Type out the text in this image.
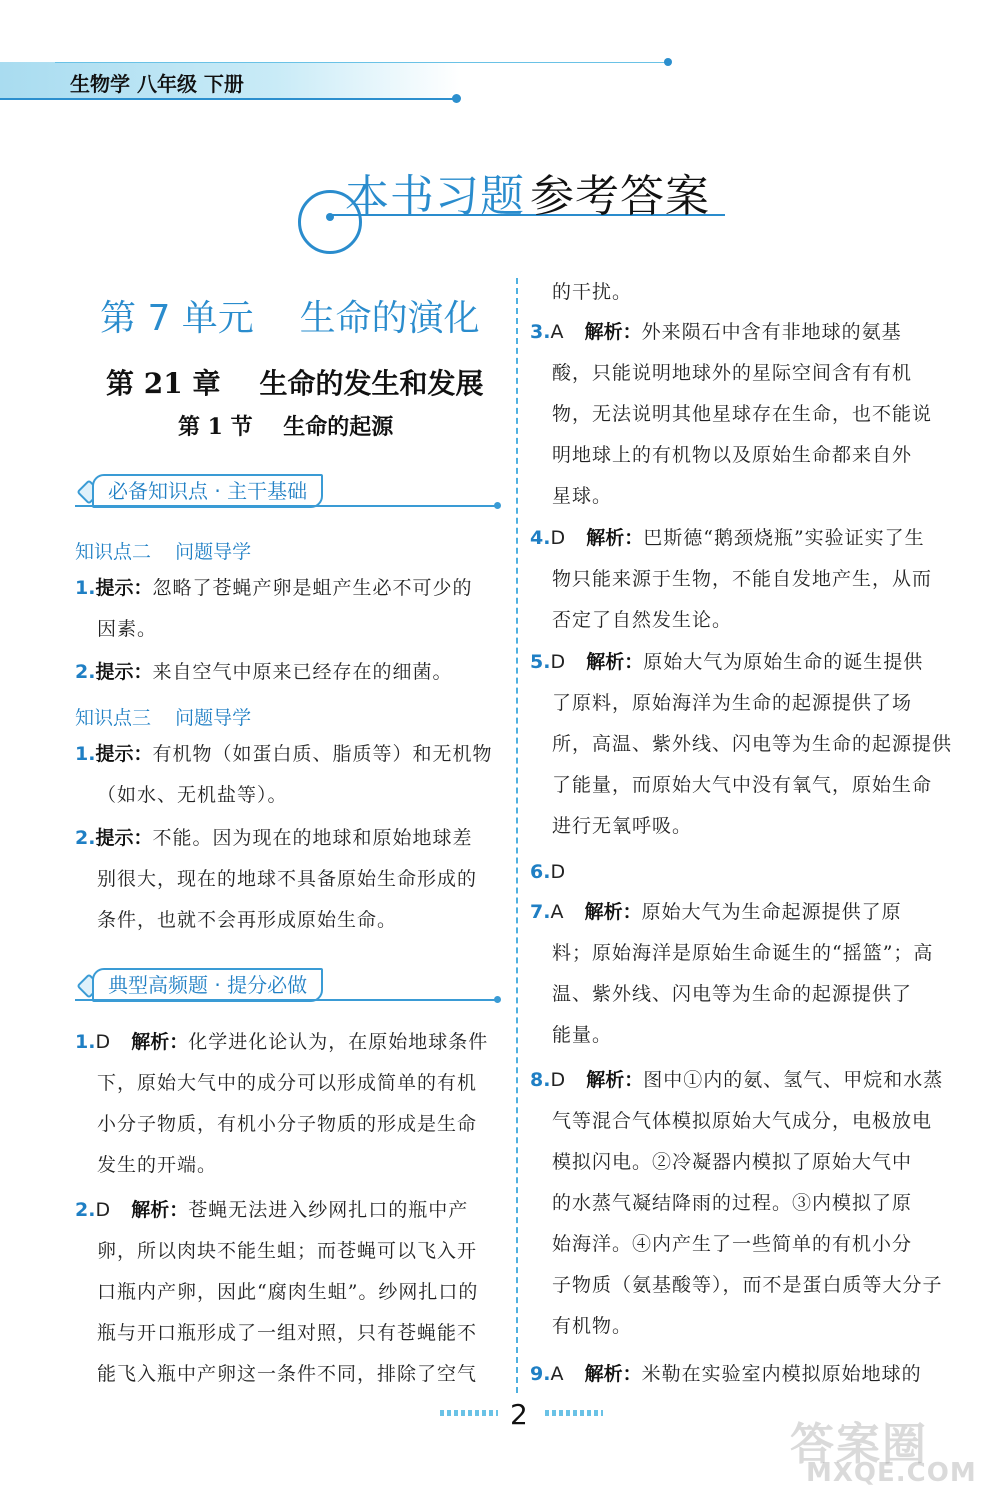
生物学 八年级 下册
本书习题 参考答案
第 7 单元    生命的演化
第 21 章    生命的发生和发展
第 1 节    生命的起源
必备知识点 · 主干基础
知识点二    问题导学
1.提示：忽略了苍蝇产卵是蛆产生必不可少的
因素。
2.提示：来自空气中原来已经存在的细菌。
知识点三    问题导学
1.提示：有机物（如蛋白质、脂质等）和无机物
（如水、无机盐等）。
2.提示：不能。因为现在的地球和原始地球差
别很大，现在的地球不具备原始生命形成的
条件，也就不会再形成原始生命。
典型高频题 · 提分必做
1.D 解析：化学进化论认为，在原始地球条件
下，原始大气中的成分可以形成简单的有机
小分子物质，有机小分子物质的形成是生命
发生的开端。
2.D 解析：苍蝇无法进入纱网扎口的瓶中产
卵，所以肉块不能生蛆；而苍蝇可以飞入开
口瓶内产卵，因此“腐肉生蛆”。纱网扎口的
瓶与开口瓶形成了一组对照，只有苍蝇能不
能飞入瓶中产卵这一条件不同，排除了空气
的干扰。
3.A 解析：外来陨石中含有非地球的氨基
酸，只能说明地球外的星际空间含有有机
物，无法说明其他星球存在生命，也不能说
明地球上的有机物以及原始生命都来自外
星球。
4.D 解析：巴斯德“鹅颈烧瓶”实验证实了生
物只能来源于生物，不能自发地产生，从而
否定了自然发生论。
5.D 解析：原始大气为原始生命的诞生提供
了原料，原始海洋为生命的起源提供了场
所，高温、紫外线、闪电等为生命的起源提供
了能量，而原始大气中没有氧气，原始生命
进行无氧呼吸。
6.D
7.A 解析：原始大气为生命起源提供了原
料；原始海洋是原始生命诞生的“摇篮”；高
温、紫外线、闪电等为生命的起源提供了
能量。
8.D 解析：图中①内的氨、氢气、甲烷和水蒸
气等混合气体模拟原始大气成分，电极放电
模拟闪电。②冷凝器内模拟了原始大气中
的水蒸气凝结降雨的过程。③内模拟了原
始海洋。④内产生了一些简单的有机小分
子物质（氨基酸等），而不是蛋白质等大分子
有机物。
9.A 解析：米勒在实验室内模拟原始地球的
2
答案圈
MXQE.COM
